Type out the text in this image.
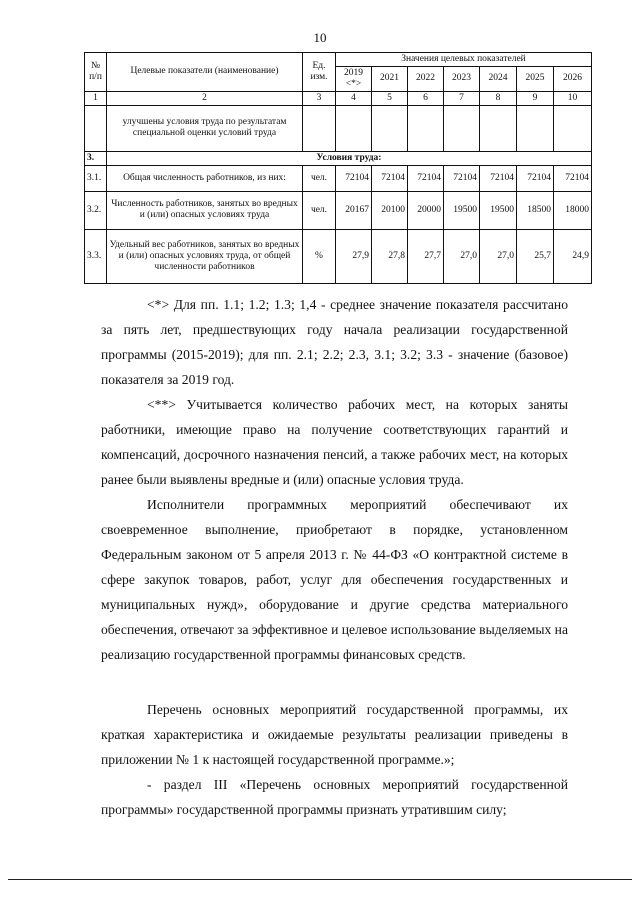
10
№ п/п	Целевые показатели (наименование)	Ед. изм.	Значения целевых показателей						
			2019 <*>	2021	2022	2023	2024	2025	2026
1	2	3	4	5	6	7	8	9	10
	улучшены условия труда по результатам специальной оценки условий труда								
3.	Условия труда:								
3.1.	Общая численность работников, из них:	чел.	72104	72104	72104	72104	72104	72104	72104
3.2.	Численность работников, занятых во вредных и (или) опасных условиях труда	чел.	20167	20100	20000	19500	19500	18500	18000
3.3.	Удельный вес работников, занятых во вредных и (или) опасных условиях труда, от общей численности работников	%	27,9	27,8	27,7	27,0	27,0	25,7	24,9

<*> Для пп. 1.1; 1.2; 1.3; 1,4 - среднее значение показателя рассчитано за пять лет, предшествующих году начала реализации государственной программы (2015-2019); для пп. 2.1; 2.2; 2.3, 3.1; 3.2; 3.3 - значение (базовое) показателя за 2019 год.

<**> Учитывается количество рабочих мест, на которых заняты работники, имеющие право на получение соответствующих гарантий и компенсаций, досрочного назначения пенсий, а также рабочих мест, на которых ранее были выявлены вредные и (или) опасные условия труда.

Исполнители программных мероприятий обеспечивают их своевременное выполнение, приобретают в порядке, установленном Федеральным законом от 5 апреля 2013 г. № 44-ФЗ «О контрактной системе в сфере закупок товаров, работ, услуг для обеспечения государственных и муниципальных нужд», оборудование и другие средства материального обеспечения, отвечают за эффективное и целевое использование выделяемых на реализацию государственной программы финансовых средств.

Перечень основных мероприятий государственной программы, их краткая характеристика и ожидаемые результаты реализации приведены в приложении № 1 к настоящей государственной программе.»;

- раздел III «Перечень основных мероприятий государственной программы» государственной программы признать утратившим силу;
